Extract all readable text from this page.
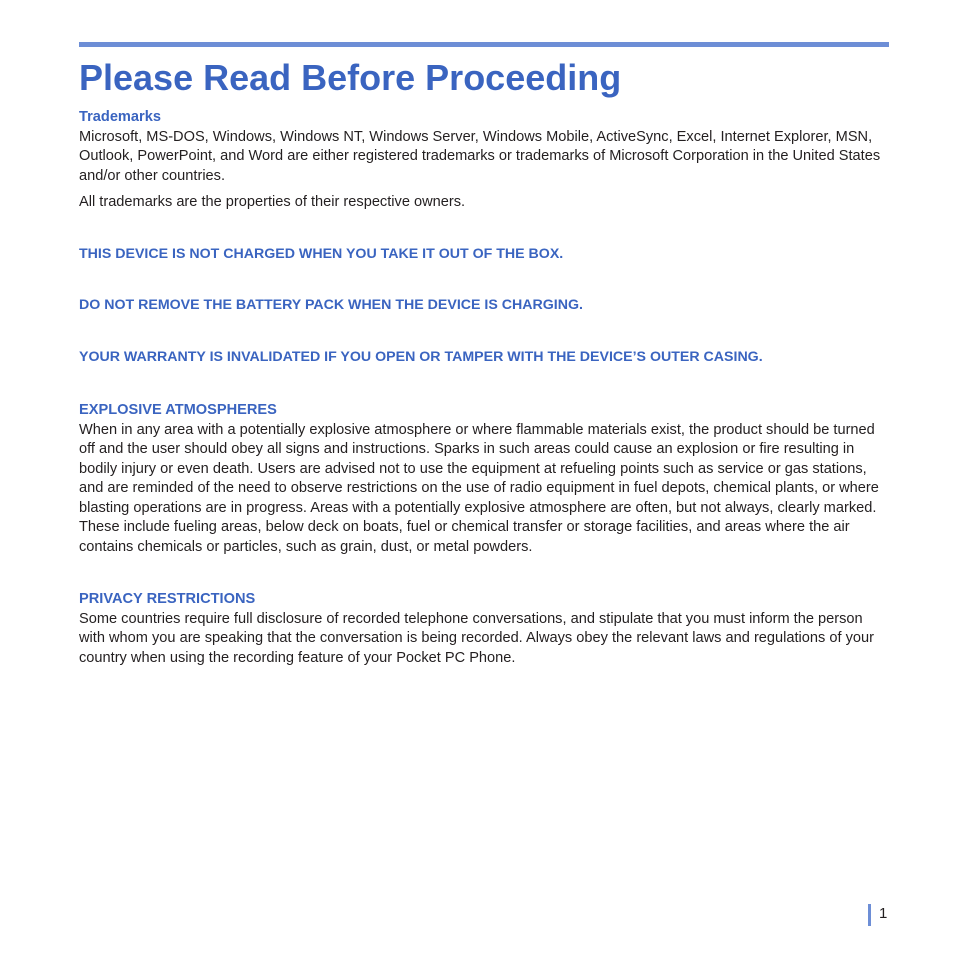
Please Read Before Proceeding
Trademarks

Microsoft, MS-DOS, Windows, Windows NT, Windows Server, Windows Mobile, ActiveSync, Excel, Internet Explorer, MSN, Outlook, PowerPoint, and Word are either registered trademarks or trademarks of Microsoft Corporation in the United States and/or other countries.

All trademarks are the properties of their respective owners.

THIS DEVICE IS NOT CHARGED WHEN YOU TAKE IT OUT OF THE BOX.

DO NOT REMOVE THE BATTERY PACK WHEN THE DEVICE IS CHARGING.

YOUR WARRANTY IS INVALIDATED IF YOU OPEN OR TAMPER WITH THE DEVICE’S OUTER CASING.

EXPLOSIVE ATMOSPHERES

When in any area with a potentially explosive atmosphere or where flammable materials exist, the product should be turned off and the user should obey all signs and instructions. Sparks in such areas could cause an explosion or fire resulting in bodily injury or even death. Users are advised not to use the equipment at refueling points such as service or gas stations, and are reminded of the need to observe restrictions on the use of radio equipment in fuel depots, chemical plants, or where blasting operations are in progress. Areas with a potentially explosive atmosphere are often, but not always, clearly marked. These include fueling areas, below deck on boats, fuel or chemical transfer or storage facilities, and areas where the air contains chemicals or particles, such as grain, dust, or metal powders.

PRIVACY RESTRICTIONS

Some countries require full disclosure of recorded telephone conversations, and stipulate that you must inform the person with whom you are speaking that the conversation is being recorded. Always obey the relevant laws and regulations of your country when using the recording feature of your Pocket PC Phone.

1
